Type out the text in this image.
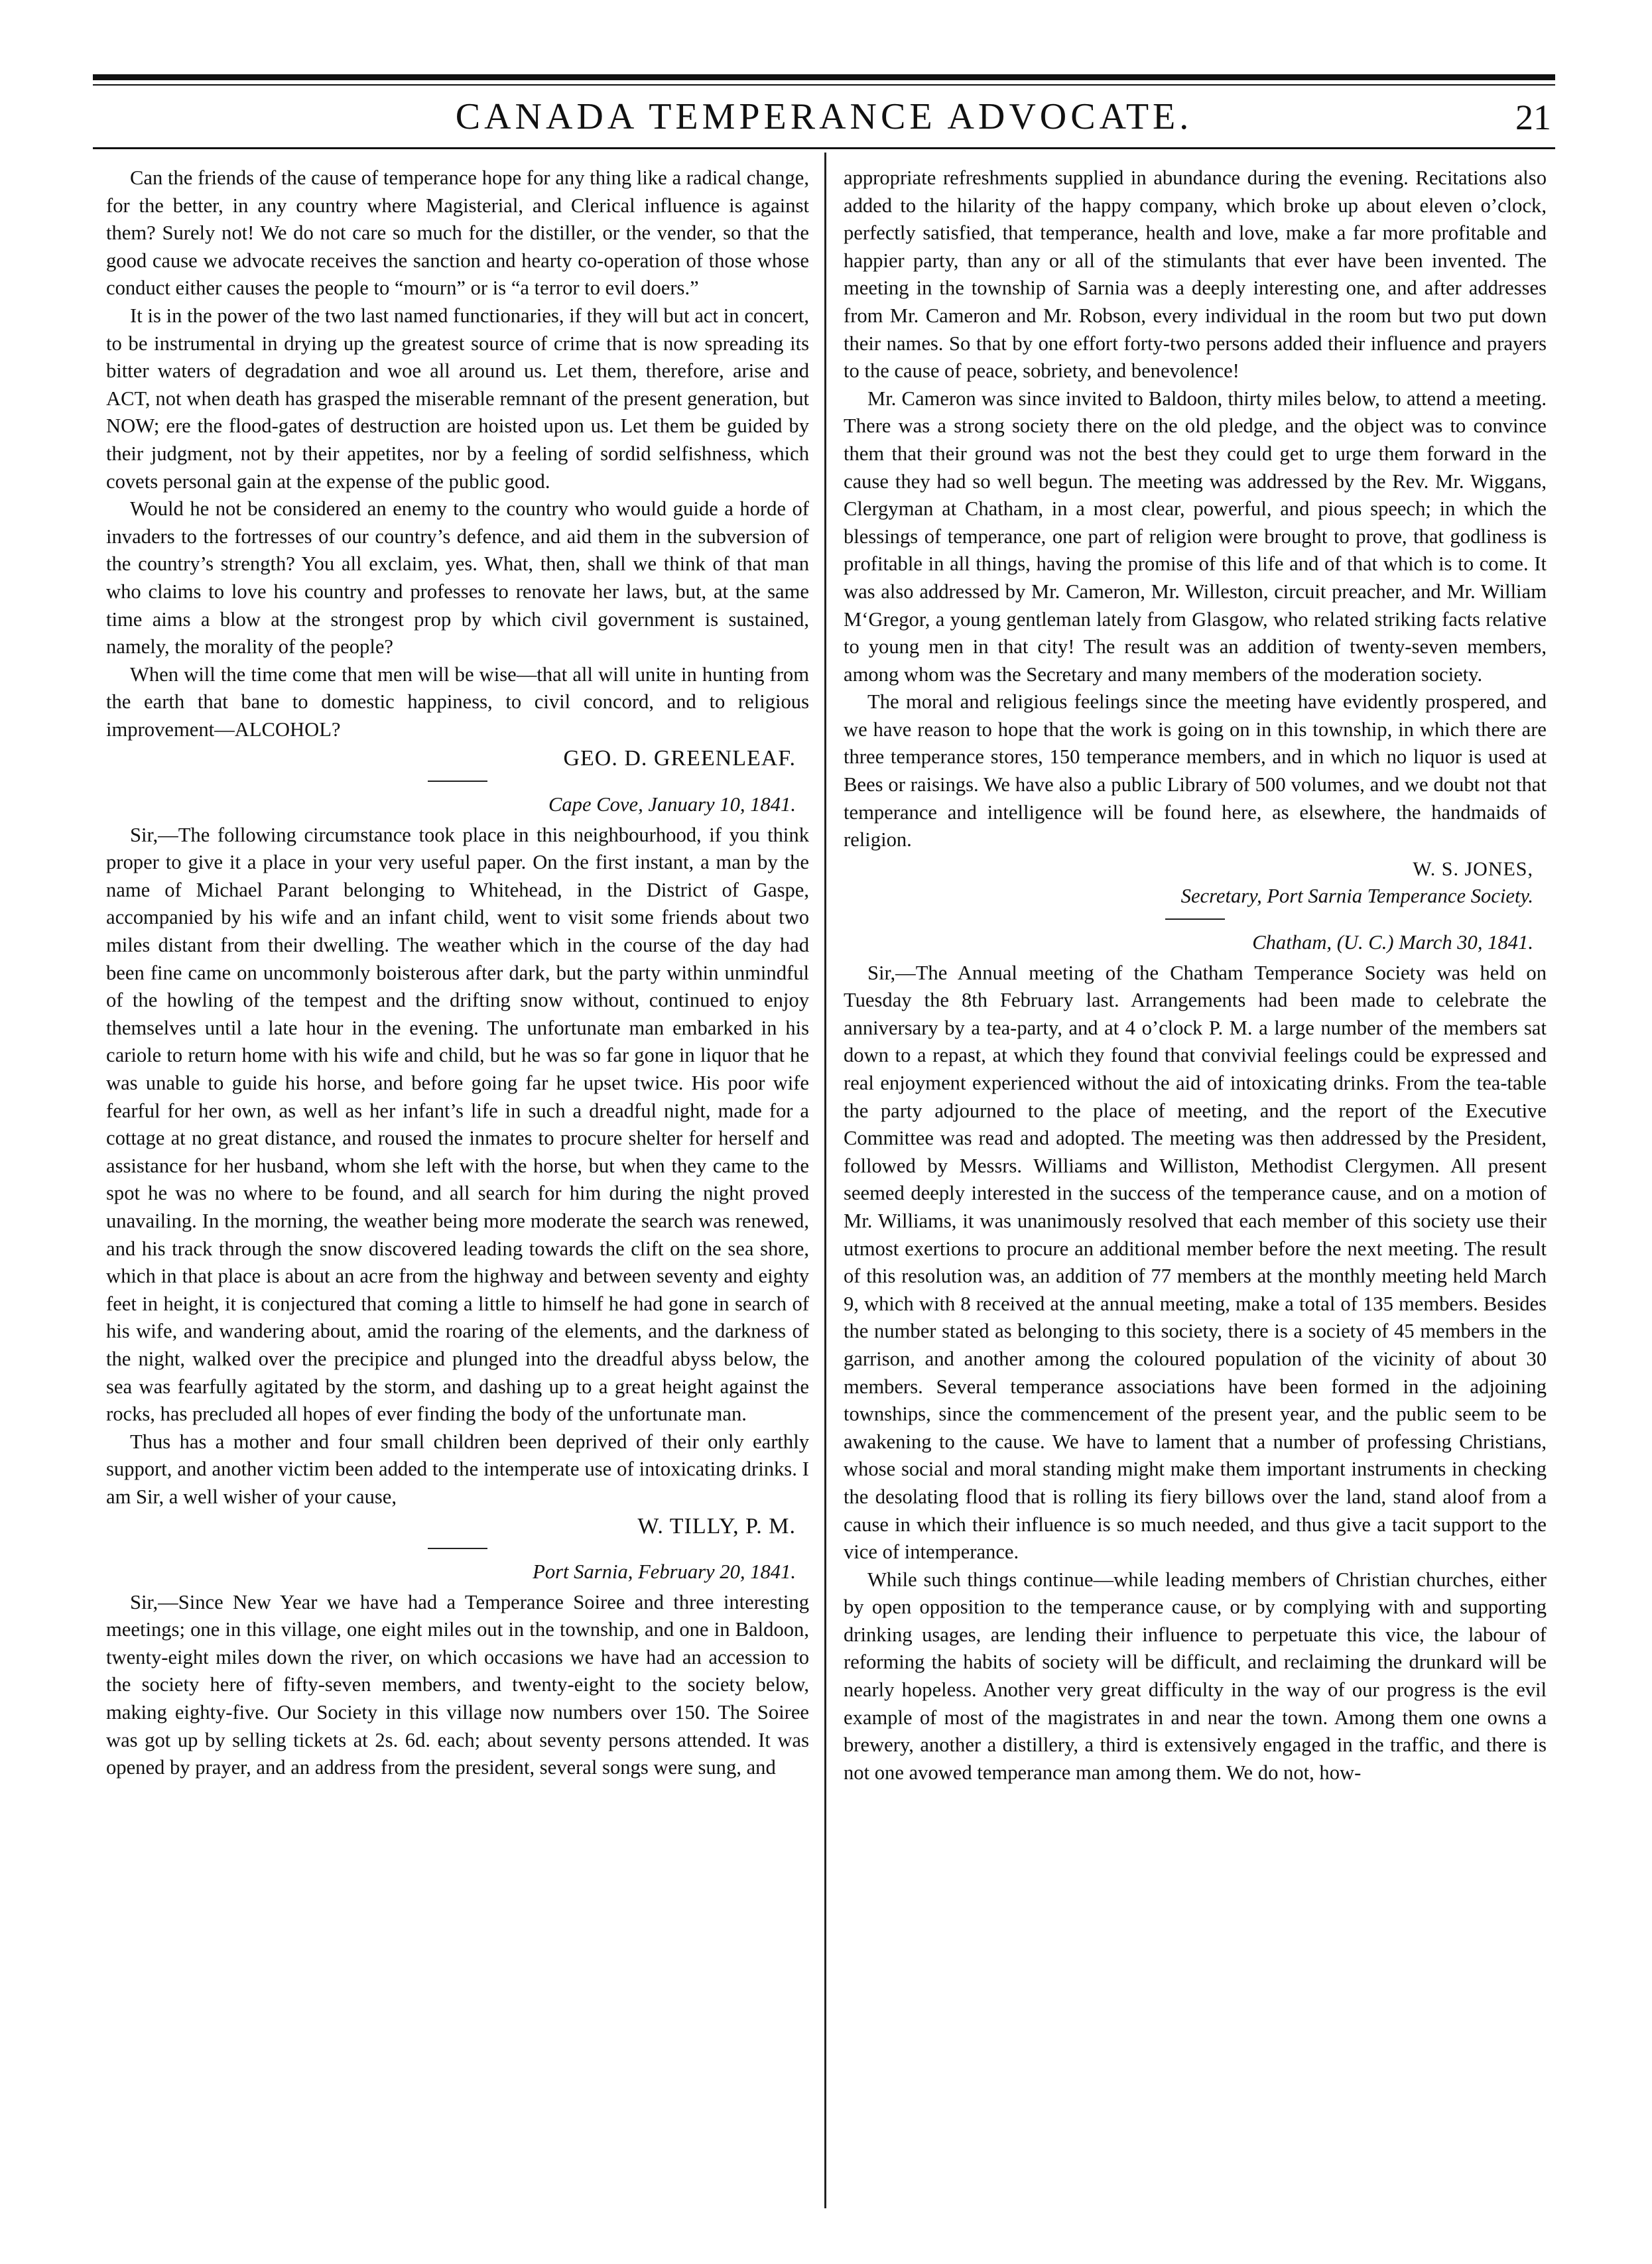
CANADA TEMPERANCE ADVOCATE.	21

Can the friends of the cause of temperance hope for any thing like a radical change, for the better, in any country where Magisterial, and Clerical influence is against them? Surely not! We do not care so much for the distiller, or the vender, so that the good cause we advocate receives the sanction and hearty co-operation of those whose conduct either causes the people to “mourn” or is “a terror to evil doers.”

It is in the power of the two last named functionaries, if they will but act in concert, to be instrumental in drying up the greatest source of crime that is now spreading its bitter waters of degradation and woe all around us. Let them, therefore, arise and ACT, not when death has grasped the miserable remnant of the present generation, but NOW; ere the flood-gates of destruction are hoisted upon us. Let them be guided by their judgment, not by their appetites, nor by a feeling of sordid selfishness, which covets personal gain at the expense of the public good.

Would he not be considered an enemy to the country who would guide a horde of invaders to the fortresses of our country’s defence, and aid them in the subversion of the country’s strength? You all exclaim, yes. What, then, shall we think of that man who claims to love his country and professes to renovate her laws, but, at the same time aims a blow at the strongest prop by which civil government is sustained, namely, the morality of the people?

When will the time come that men will be wise—that all will unite in hunting from the earth that bane to domestic happiness, to civil concord, and to religious improvement—ALCOHOL?

GEO. D. GREENLEAF.
Cape Cove, January 10, 1841.

Sir,—The following circumstance took place in this neighbourhood, if you think proper to give it a place in your very useful paper. On the first instant, a man by the name of Michael Parant belonging to Whitehead, in the District of Gaspe, accompanied by his wife and an infant child, went to visit some friends about two miles distant from their dwelling. The weather which in the course of the day had been fine came on uncommonly boisterous after dark, but the party within unmindful of the howling of the tempest and the drifting snow without, continued to enjoy themselves until a late hour in the evening. The unfortunate man embarked in his cariole to return home with his wife and child, but he was so far gone in liquor that he was unable to guide his horse, and before going far he upset twice. His poor wife fearful for her own, as well as her infant’s life in such a dreadful night, made for a cottage at no great distance, and roused the inmates to procure shelter for herself and assistance for her husband, whom she left with the horse, but when they came to the spot he was no where to be found, and all search for him during the night proved unavailing. In the morning, the weather being more moderate the search was renewed, and his track through the snow discovered leading towards the clift on the sea shore, which in that place is about an acre from the highway and between seventy and eighty feet in height, it is conjectured that coming a little to himself he had gone in search of his wife, and wandering about, amid the roaring of the elements, and the darkness of the night, walked over the precipice and plunged into the dreadful abyss below, the sea was fearfully agitated by the storm, and dashing up to a great height against the rocks, has precluded all hopes of ever finding the body of the unfortunate man.

Thus has a mother and four small children been deprived of their only earthly support, and another victim been added to the intemperate use of intoxicating drinks. I am Sir, a well wisher of your cause,

W. TILLY, P. M.
Port Sarnia, February 20, 1841.

Sir,—Since New Year we have had a Temperance Soiree and three interesting meetings; one in this village, one eight miles out in the township, and one in Baldoon, twenty-eight miles down the river, on which occasions we have had an accession to the society here of fifty-seven members, and twenty-eight to the society below, making eighty-five. Our Society in this village now numbers over 150. The Soiree was got up by selling tickets at 2s. 6d. each; about seventy persons attended. It was opened by prayer, and an address from the president, several songs were sung, and

appropriate refreshments supplied in abundance during the evening. Recitations also added to the hilarity of the happy company, which broke up about eleven o’clock, perfectly satisfied, that temperance, health and love, make a far more profitable and happier party, than any or all of the stimulants that ever have been invented. The meeting in the township of Sarnia was a deeply interesting one, and after addresses from Mr. Cameron and Mr. Robson, every individual in the room but two put down their names. So that by one effort forty-two persons added their influence and prayers to the cause of peace, sobriety, and benevolence!

Mr. Cameron was since invited to Baldoon, thirty miles below, to attend a meeting. There was a strong society there on the old pledge, and the object was to convince them that their ground was not the best they could get to urge them forward in the cause they had so well begun. The meeting was addressed by the Rev. Mr. Wiggans, Clergyman at Chatham, in a most clear, powerful, and pious speech; in which the blessings of temperance, one part of religion were brought to prove, that godliness is profitable in all things, having the promise of this life and of that which is to come. It was also addressed by Mr. Cameron, Mr. Willeston, circuit preacher, and Mr. William M‘Gregor, a young gentleman lately from Glasgow, who related striking facts relative to young men in that city! The result was an addition of twenty-seven members, among whom was the Secretary and many members of the moderation society.

The moral and religious feelings since the meeting have evidently prospered, and we have reason to hope that the work is going on in this township, in which there are three temperance stores, 150 temperance members, and in which no liquor is used at Bees or raisings. We have also a public Library of 500 volumes, and we doubt not that temperance and intelligence will be found here, as elsewhere, the handmaids of religion.

W. S. JONES,
Secretary, Port Sarnia Temperance Society.
Chatham, (U. C.) March 30, 1841.

Sir,—The Annual meeting of the Chatham Temperance Society was held on Tuesday the 8th February last. Arrangements had been made to celebrate the anniversary by a tea-party, and at 4 o’clock P. M. a large number of the members sat down to a repast, at which they found that convivial feelings could be expressed and real enjoyment experienced without the aid of intoxicating drinks. From the tea-table the party adjourned to the place of meeting, and the report of the Executive Committee was read and adopted. The meeting was then addressed by the President, followed by Messrs. Williams and Williston, Methodist Clergymen. All present seemed deeply interested in the success of the temperance cause, and on a motion of Mr. Williams, it was unanimously resolved that each member of this society use their utmost exertions to procure an additional member before the next meeting. The result of this resolution was, an addition of 77 members at the monthly meeting held March 9, which with 8 received at the annual meeting, make a total of 135 members. Besides the number stated as belonging to this society, there is a society of 45 members in the garrison, and another among the coloured population of the vicinity of about 30 members. Several temperance associations have been formed in the adjoining townships, since the commencement of the present year, and the public seem to be awakening to the cause. We have to lament that a number of professing Christians, whose social and moral standing might make them important instruments in checking the desolating flood that is rolling its fiery billows over the land, stand aloof from a cause in which their influence is so much needed, and thus give a tacit support to the vice of intemperance.

While such things continue—while leading members of Christian churches, either by open opposition to the temperance cause, or by complying with and supporting drinking usages, are lending their influence to perpetuate this vice, the labour of reforming the habits of society will be difficult, and reclaiming the drunkard will be nearly hopeless. Another very great difficulty in the way of our progress is the evil example of most of the magistrates in and near the town. Among them one owns a brewery, another a distillery, a third is extensively engaged in the traffic, and there is not one avowed temperance man among them. We do not, how-
